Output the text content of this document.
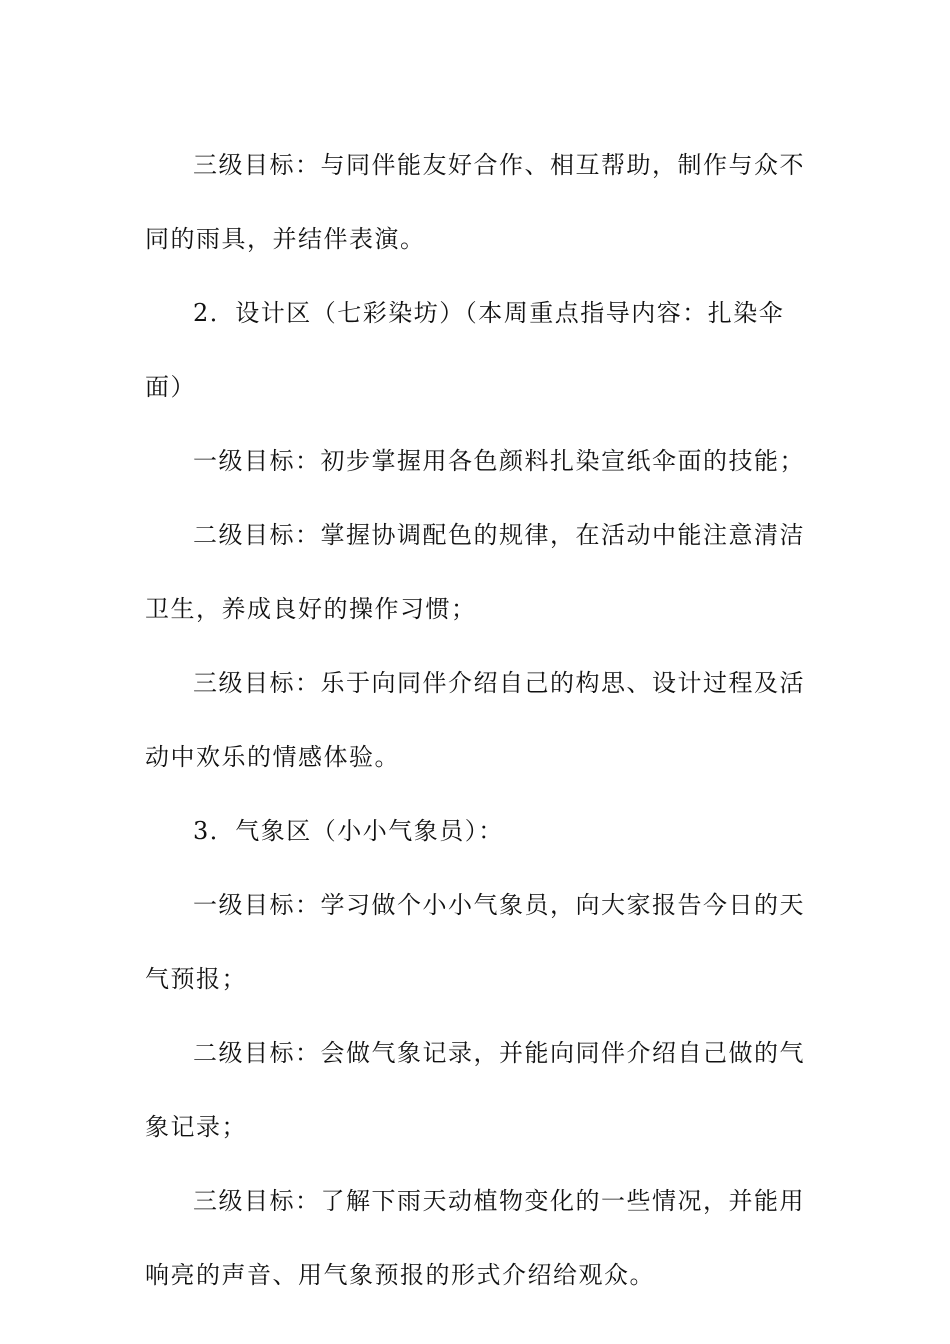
三级目标：与同伴能友好合作、相互帮助，制作与众不同的雨具，并结伴表演。

2．设计区（七彩染坊）（本周重点指导内容：扎染伞面）

一级目标：初步掌握用各色颜料扎染宣纸伞面的技能；

二级目标：掌握协调配色的规律，在活动中能注意清洁卫生，养成良好的操作习惯；

三级目标：乐于向同伴介绍自己的构思、设计过程及活动中欢乐的情感体验。

3．气象区（小小气象员）：

一级目标：学习做个小小气象员，向大家报告今日的天气预报；

二级目标：会做气象记录，并能向同伴介绍自己做的气象记录；

三级目标：了解下雨天动植物变化的一些情况，并能用响亮的声音、用气象预报的形式介绍给观众。
